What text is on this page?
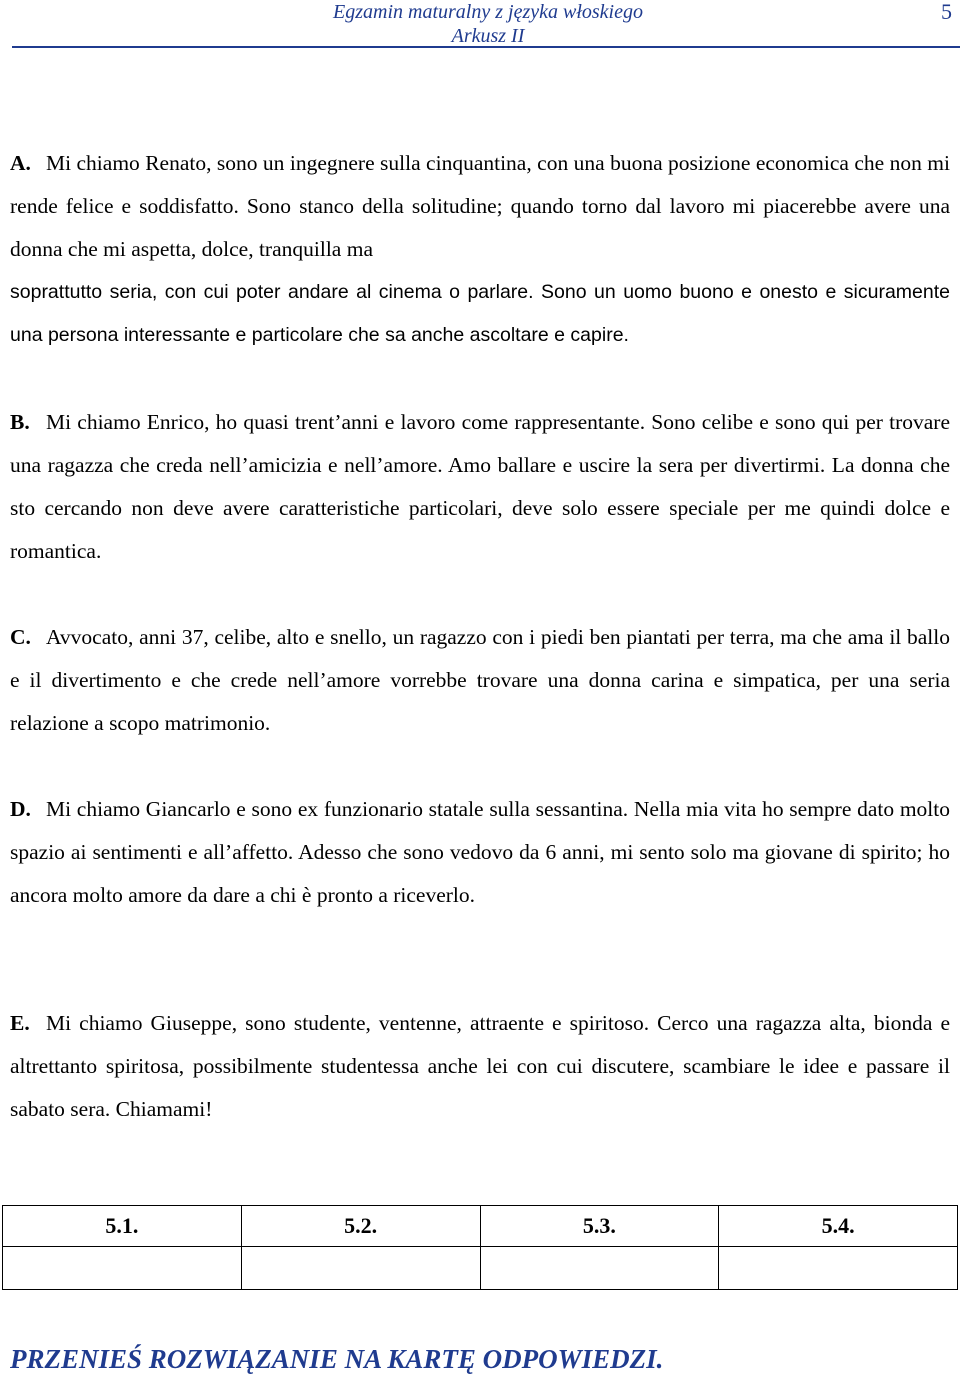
Egzamin maturalny z języka włoskiego
Arkusz II
5

A. Mi chiamo Renato, sono un ingegnere sulla cinquantina, con una buona posizione economica che non mi rende felice e soddisfatto. Sono stanco della solitudine; quando torno dal lavoro mi piacerebbe avere una donna che mi aspetta, dolce, tranquilla ma

soprattutto seria, con cui poter andare al cinema o parlare. Sono un uomo buono e onesto e sicuramente una persona interessante e particolare che sa anche ascoltare e capire.

B. Mi chiamo Enrico, ho quasi trent’anni e lavoro come rappresentante. Sono celibe e sono qui per trovare una ragazza che creda nell’amicizia e nell’amore. Amo ballare e uscire la sera per divertirmi. La donna che sto cercando non deve avere caratteristiche particolari, deve solo essere speciale per me quindi dolce e romantica.

C. Avvocato, anni 37, celibe, alto e snello, un ragazzo con i piedi ben piantati per terra, ma che ama il ballo e il divertimento e che crede nell’amore vorrebbe trovare una donna carina e simpatica, per una seria relazione a scopo matrimonio.

D. Mi chiamo Giancarlo e sono ex funzionario statale sulla sessantina. Nella mia vita ho sempre dato molto spazio ai sentimenti e all’affetto. Adesso che sono vedovo da 6 anni, mi sento solo ma giovane di spirito; ho ancora molto amore da dare a chi è pronto a riceverlo.

E. Mi chiamo Giuseppe, sono studente, ventenne, attraente e spiritoso. Cerco una ragazza alta, bionda e altrettanto spiritosa, possibilmente studentessa anche lei con cui discutere, scambiare le idee e passare il sabato sera. Chiamami!

5.1.	5.2.	5.3.	5.4.

PRZENIEŚ ROZWIĄZANIE NA KARTĘ ODPOWIEDZI.
